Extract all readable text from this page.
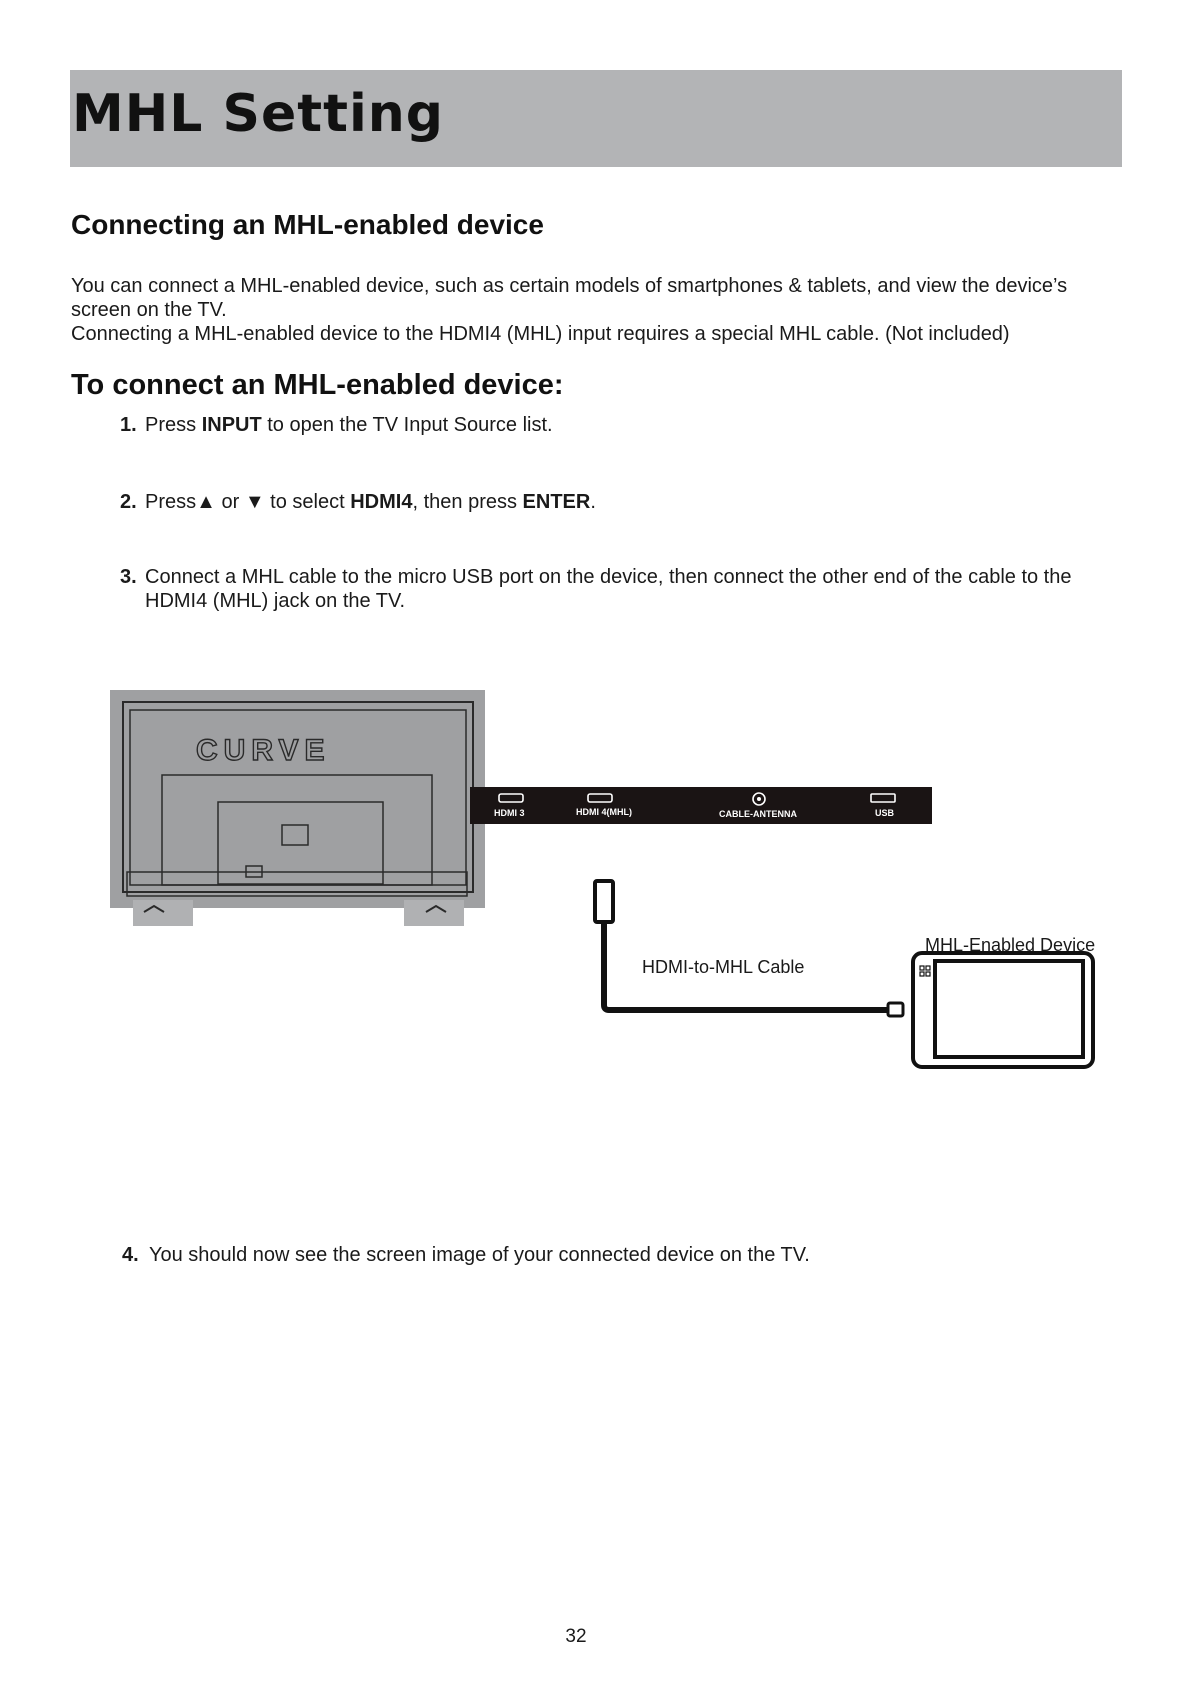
MHL Setting
Connecting an MHL-enabled device

You can connect a MHL-enabled device, such as certain models of smartphones & tablets, and view the device’s screen on the TV.

Connecting a MHL-enabled device to the HDMI4 (MHL) input requires a special MHL cable. (Not included)

To connect an MHL-enabled device:
1. Press INPUT to open the TV Input Source list.
2. Press▲ or ▼ to select HDMI4, then press ENTER.
3. Connect a MHL cable to the micro USB port on the device, then connect the other end of the cable to the HDMI4 (MHL) jack on the TV.
CURVE
HDMI 3	HDMI 4(MHL)	CABLE-ANTENNA	USB
HDMI-to-MHL Cable
MHL-Enabled Device
4. You should now see the screen image of your connected device on the TV.
32
